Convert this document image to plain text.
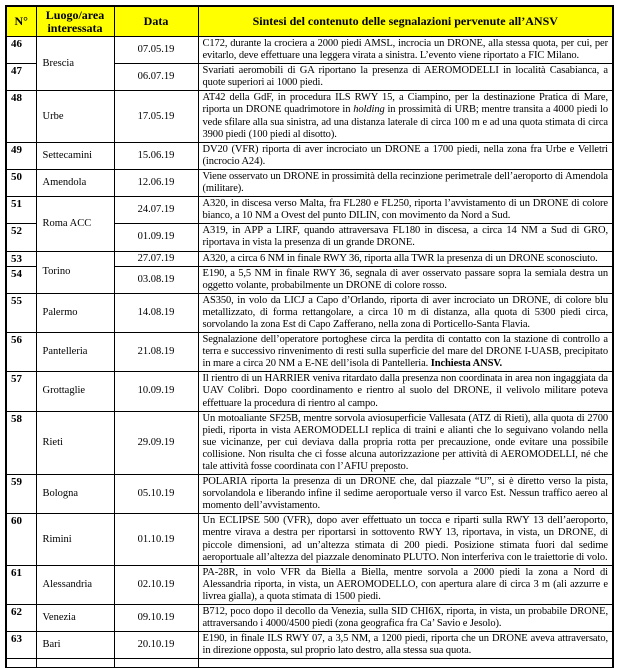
N°	Luogo/area interessata	Data	Sintesi del contenuto delle segnalazioni pervenute all’ANSV
46	Brescia	07.05.19	C172, durante la crociera a 2000 piedi AMSL, incrocia un DRONE, alla stessa quota, per cui, per evitarlo, deve effettuare una leggera virata a sinistra. L’evento viene riportato a FIC Milano.
47		06.07.19	Svariati aeromobili di GA riportano la presenza di AEROMODELLI in località Casabianca, a quote superiori ai 1000 piedi.
48	Urbe	17.05.19	AT42 della GdF, in procedura ILS RWY 15, a Ciampino, per la destinazione Pratica di Mare, riporta un DRONE quadrimotore in holding in prossimità di URB; mentre transita a 4000 piedi lo vede sfilare alla sua sinistra, ad una distanza laterale di circa 100 m e ad una quota stimata di circa 3900 piedi (100 piedi al disotto).
49	Settecamini	15.06.19	DV20 (VFR) riporta di aver incrociato un DRONE a 1700 piedi, nella zona fra Urbe e Velletri (incrocio A24).
50	Amendola	12.06.19	Viene osservato un DRONE in prossimità della recinzione perimetrale dell’aeroporto di Amendola (militare).
51	Roma ACC	24.07.19	A320, in discesa verso Malta, fra FL280 e FL250, riporta l’avvistamento di un DRONE di colore bianco, a 10 NM a Ovest del punto DILIN, con movimento da Nord a Sud.
52		01.09.19	A319, in APP a LIRF, quando attraversava FL180 in discesa, a circa 14 NM a Sud di GRO, riportava in vista la presenza di un grande DRONE.
53	Torino	27.07.19	A320, a circa 6 NM in finale RWY 36, riporta alla TWR la presenza di un DRONE sconosciuto.
54		03.08.19	E190, a 5,5 NM in finale RWY 36, segnala di aver osservato passare sopra la semiala destra un oggetto volante, probabilmente un DRONE di colore rosso.
55	Palermo	14.08.19	AS350, in volo da LICJ a Capo d’Orlando, riporta di aver incrociato un DRONE, di colore blu metallizzato, di forma rettangolare, a circa 10 m di distanza, alla quota di 5300 piedi circa, sorvolando la zona Est di Capo Zafferano, nella zona di Porticello-Santa Flavia.
56	Pantelleria	21.08.19	Segnalazione dell’operatore portoghese circa la perdita di contatto con la stazione di controllo a terra e successivo rinvenimento di resti sulla superficie del mare del DRONE I-UASB, precipitato in mare a circa 20 NM a E-NE dell’isola di Pantelleria. Inchiesta ANSV.
57	Grottaglie	10.09.19	Il rientro di un HARRIER veniva ritardato dalla presenza non coordinata in area non ingaggiata da UAV Colibrì. Dopo coordinamento e rientro al suolo del DRONE, il velivolo militare poteva effettuare la procedura di rientro al campo.
58	Rieti	29.09.19	Un motoaliante SF25B, mentre sorvola aviosuperficie Vallesata (ATZ di Rieti), alla quota di 2700 piedi, riporta in vista AEROMODELLI replica di traini e alianti che lo seguivano volando nella sue vicinanze, per cui deviava dalla propria rotta per precauzione, onde evitare una possibile collisione. Non risulta che ci fosse alcuna autorizzazione per attività di AEROMODELLI, né che tale attività fosse coordinata con l’AFIU preposto.
59	Bologna	05.10.19	POLARIA riporta la presenza di un DRONE che, dal piazzale “U”, si è diretto verso la pista, sorvolandola e liberando infine il sedime aeroportuale verso il varco Est. Nessun traffico aereo al momento dell’avvistamento.
60	Rimini	01.10.19	Un ECLIPSE 500 (VFR), dopo aver effettuato un tocca e riparti sulla RWY 13 dell’aeroporto, mentre virava a destra per riportarsi in sottovento RWY 13, riportava, in vista, un DRONE, di piccole dimensioni, ad un’altezza stimata di 200 piedi. Posizione stimata fuori dal sedime aeroportuale all’altezza del piazzale denominato PLUTO. Non interferiva con le traiettorie di volo.
61	Alessandria	02.10.19	PA-28R, in volo VFR da Biella a Biella, mentre sorvola a 2000 piedi la zona a Nord di Alessandria riporta, in vista, un AEROMODELLO, con apertura alare di circa 3 m (ali azzurre e livrea gialla), a quota stimata di 1500 piedi.
62	Venezia	09.10.19	B712, poco dopo il decollo da Venezia, sulla SID CHI6X, riporta, in vista, un probabile DRONE, attraversando i 4000/4500 piedi (zona geografica fra Ca’ Savio e Jesolo).
63	Bari	20.10.19	E190, in finale ILS RWY 07, a 3,5 NM, a 1200 piedi, riporta che un DRONE aveva attraversato, in direzione opposta, sul proprio lato destro, alla stessa sua quota.
